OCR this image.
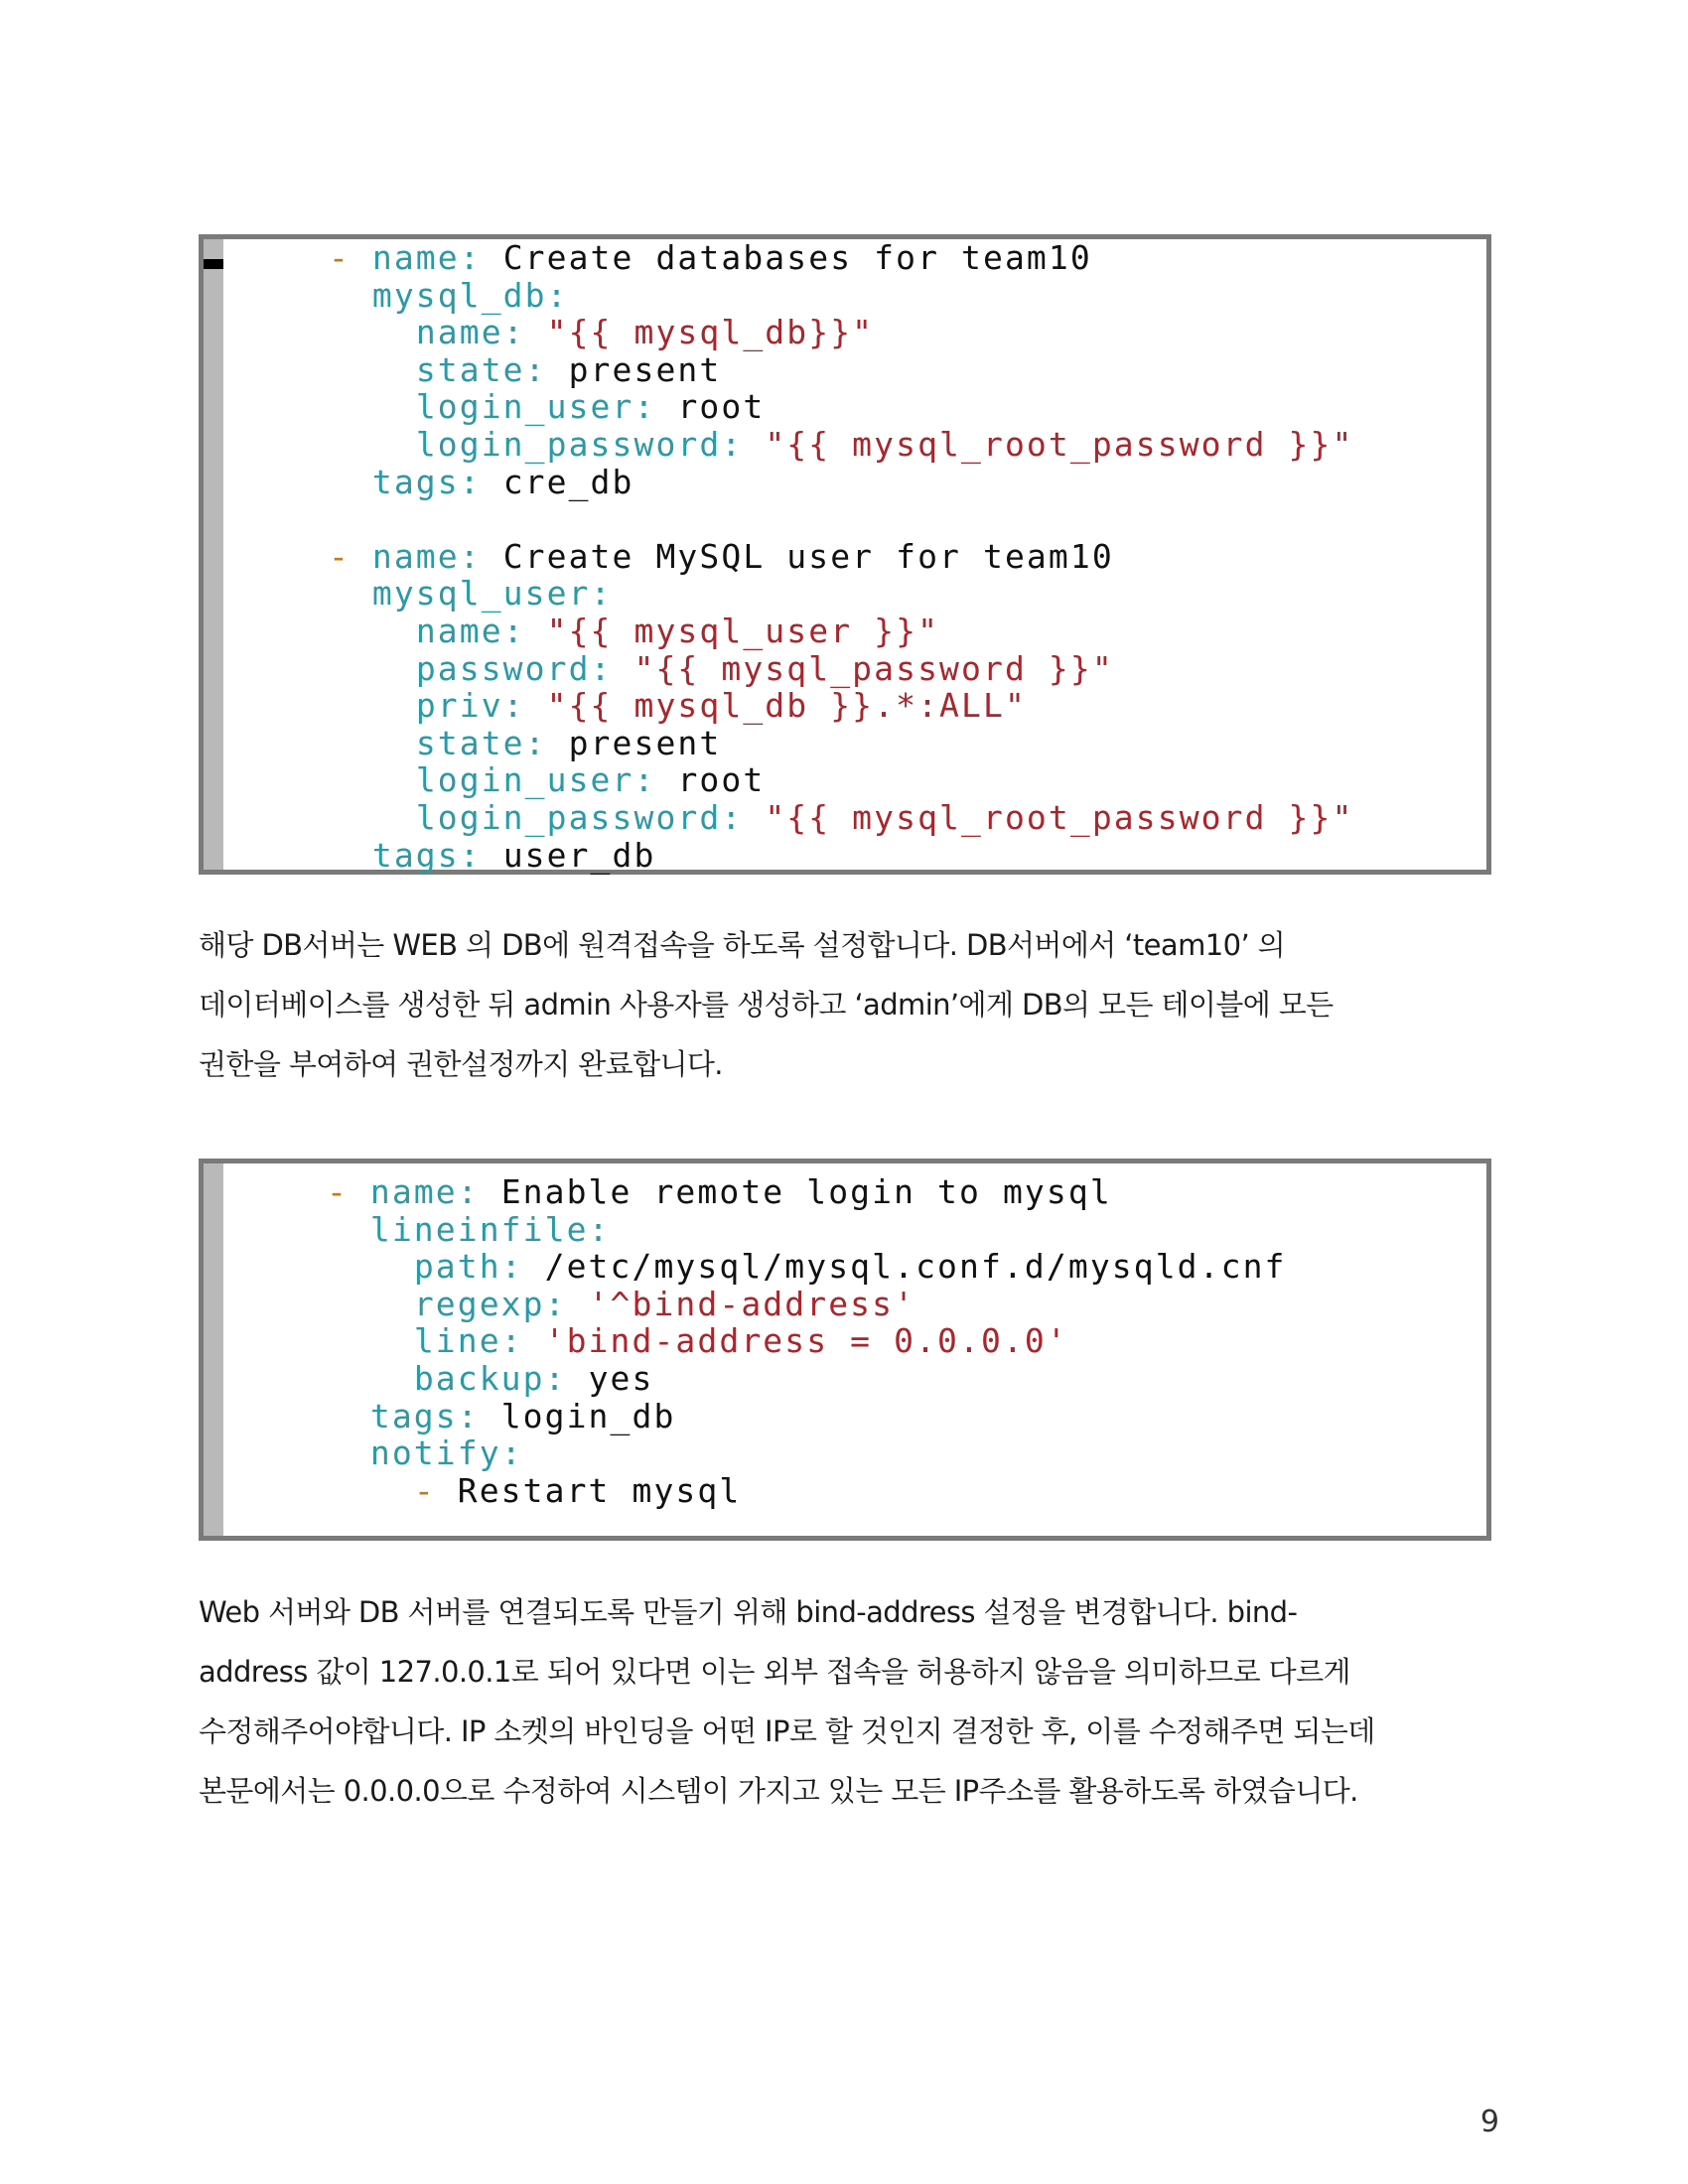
- name: Create databases for team10
mysql_db:
name: "{{ mysql_db}}"
state: present
login_user: root
login_password: "{{ mysql_root_password }}"
tags: cre_db

- name: Create MySQL user for team10
mysql_user:
name: "{{ mysql_user }}"
password: "{{ mysql_password }}"
priv: "{{ mysql_db }}.*:ALL"
state: present
login_user: root
login_password: "{{ mysql_root_password }}"
tags: user_db

해당 DB서버는 WEB 의 DB에 원격접속을 하도록 설정합니다. DB서버에서 ‘team10’ 의

데이터베이스를 생성한 뒤 admin 사용자를 생성하고 ‘admin’에게 DB의 모든 테이블에 모든

권한을 부여하여 권한설정까지 완료합니다.

- name: Enable remote login to mysql
lineinfile:
path: /etc/mysql/mysql.conf.d/mysqld.cnf
regexp: '^bind-address'
line: 'bind-address = 0.0.0.0'
backup: yes
tags: login_db
notify:
- Restart mysql

Web 서버와 DB 서버를 연결되도록 만들기 위해 bind-address 설정을 변경합니다. bind-

address 값이 127.0.0.1로 되어 있다면 이는 외부 접속을 허용하지 않음을 의미하므로 다르게

수정해주어야합니다. IP 소켓의 바인딩을 어떤 IP로 할 것인지 결정한 후, 이를 수정해주면 되는데

본문에서는 0.0.0.0으로 수정하여 시스템이 가지고 있는 모든 IP주소를 활용하도록 하였습니다.

9
